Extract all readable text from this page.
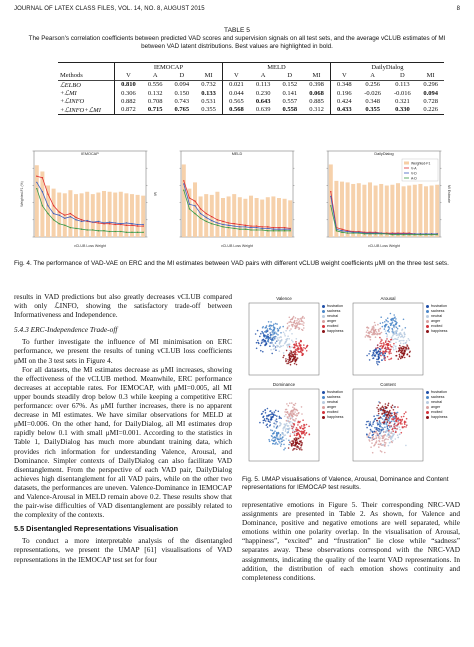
JOURNAL OF LATEX CLASS FILES, VOL. 14, NO. 8, AUGUST 2015	8
TABLE 5
The Pearson's correlation coefficients between predicted VAD scores and supervision signals on all test sets, and the average vCLUB estimates of MI between VAD latent distributions. Best values are highlighted in bold.
	IEMOCAP				MELD				DailyDialog			
Methods	V	A	D	MI	V	A	D	MI	V	A	D	MI
ℒELBO	0.810	0.556	0.094	0.732	0.021	0.113	0.152	0.398	0.348	0.256	0.113	0.296
+ℒMI	0.306	0.132	0.150	0.133	0.044	0.230	0.141	0.068	0.196	-0.026	-0.016	0.094
+ℒINFO	0.882	0.708	0.743	0.531	0.565	0.643	0.557	0.885	0.424	0.348	0.321	0.728
+ℒINFO+ℒMI	0.872	0.715	0.765	0.355	0.568	0.639	0.558	0.312	0.433	0.355	0.330	0.226
IEMOCAP
vCLUB Loss Weight
Weighted-F1 (%)	MI
MELD
vCLUB Loss Weight
DailyDialog
vCLUB Loss Weight
MI Estimate
Weighted-F1
V-A
V-D
A-D
Fig. 4. The performance of VAD-VAE on ERC and the MI estimates between VAD pairs with different vCLUB weight coefficients μMI on the three test sets.

results in VAD predictions but also greatly decreases vCLUB compared with only ℒINFO, showing the satisfactory trade-off between Informativeness and Independence.

5.4.3 ERC-Independence Trade-off

To further investigate the influence of MI minimisation on ERC performance, we present the results of tuning vCLUB loss coefficients μMI on the 3 test sets in Figure 4.

For all datasets, the MI estimates decrease as μMI increases, showing the effectiveness of the vCLUB method. Meanwhile, ERC performance decreases at acceptable rates. For IEMOCAP, with μMI=0.005, all MI upper bounds steadily drop below 0.3 while keeping a competitive ERC performance: over 67%. As μMI further increases, there is no apparent decrease in MI estimates. We have similar observations for MELD at μMI=0.006. On the other hand, for DailyDialog, all MI estimates drop rapidly below 0.1 with small μMI=0.001. According to the statistics in Table 1, DailyDialog has much more abundant training data, which provides rich information for understanding Valence, Arousal, and Dominance. Simpler contexts of DailyDialog can also facilitate VAD disentanglement. From the perspective of each VAD pair, DailyDialog achieves high disentanglement for all VAD pairs, while on the other two datasets, the performances are uneven. Valence-Dominance in IEMOCAP and Valence-Arousal in MELD remain above 0.2. These results show that the pair-wise difficulties of VAD disentanglement are possibly related to the complexity of the contexts.

5.5 Disentangled Representations Visualisation

To conduct a more interpretable analysis of the disentangled representations, we present the UMAP [61] visualisations of VAD representations in the IEMOCAP test set for four

Valence	Arousal
Dominance	Content
frustration
sadness
neutral
anger
excited
happiness
frustration
sadness
neutral
anger
excited
happiness
frustration
sadness
neutral
anger
excited
happiness
frustration
sadness
neutral
anger
excited
happiness
Fig. 5. UMAP visualisations of Valence, Arousal, Dominance and Content representations for IEMOCAP test results.

representative emotions in Figure 5. Their corresponding NRC-VAD assignments are presented in Table 2. As shown, for Valence and Dominance, positive and negative emotions are well separated, while emotions within one polarity overlap. In the visualisation of Arousal, “happiness”, “excited” and “frustration” lie close while “sadness” separates away. These observations correspond with the NRC-VAD assignments, indicating the quality of the learnt VAD representations. In addition, the distribution of each emotion shows continuity and completeness conditions.
